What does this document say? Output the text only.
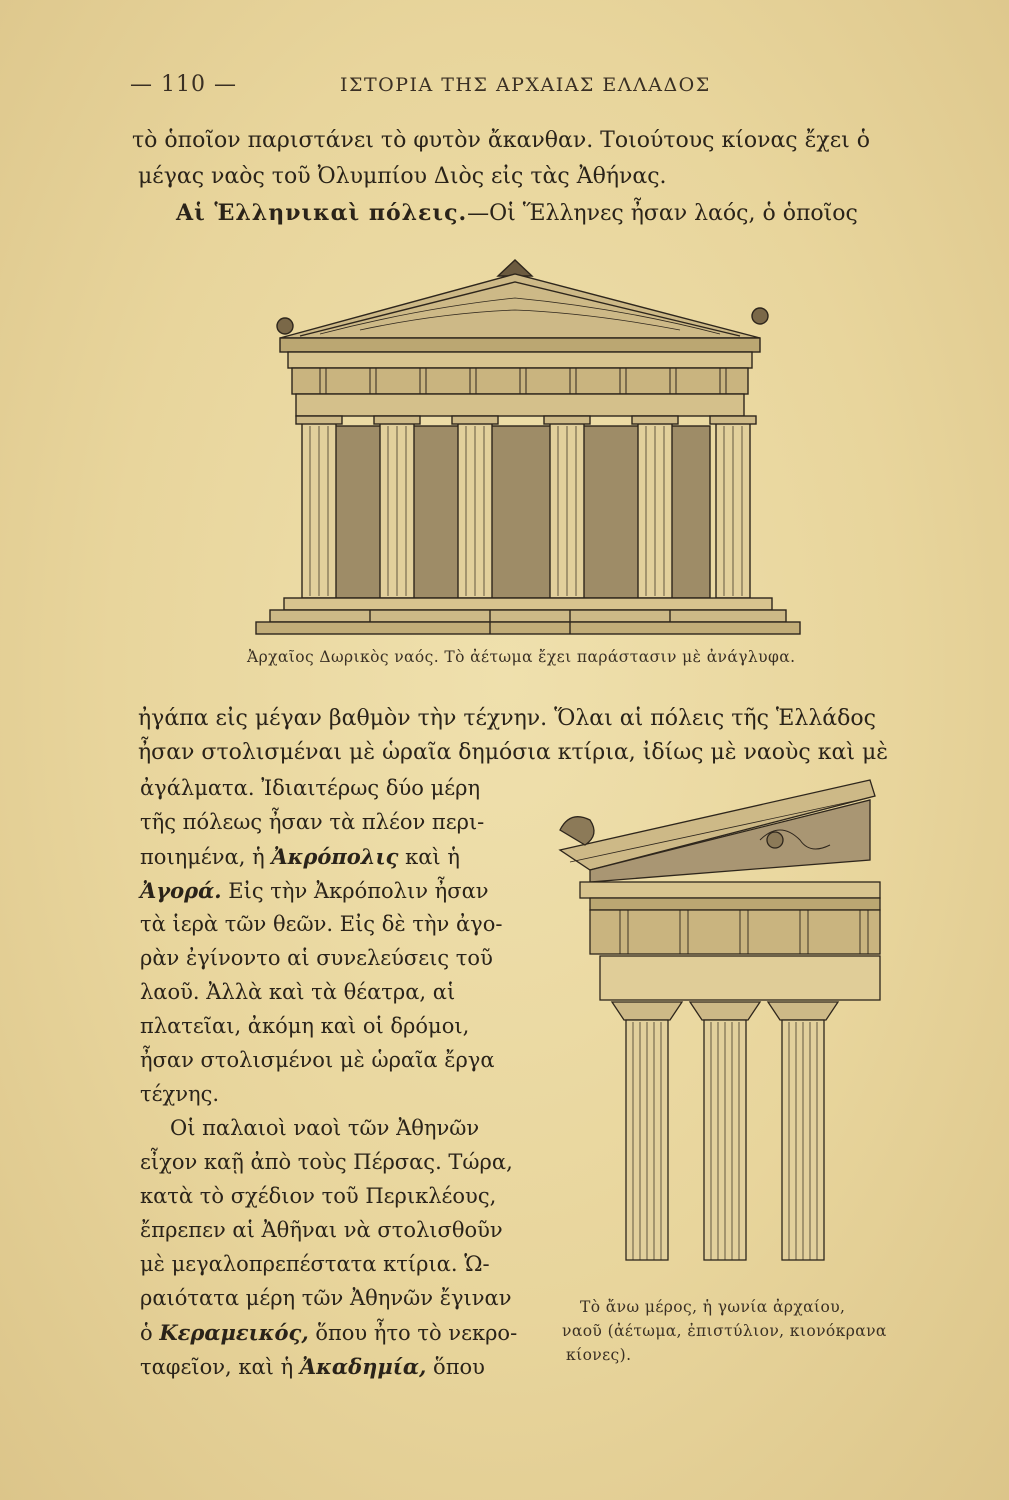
— 110 —	ΙΣΤΟΡΙΑ ΤΗΣ ΑΡΧΑΙΑΣ ΕΛΛΑΔΟΣ
τὸ ὁποῖον παριστάνει τὸ φυτὸν ἄκανθαν. Τοιούτους κίονας ἔχει ὁ
μέγας ναὸς τοῦ Ὀλυμπίου Διὸς εἰς τὰς Ἀθήνας.
Αἱ Ἑλληνικαὶ πόλεις.—Οἱ Ἕλληνες ἦσαν λαός, ὁ ὁποῖος
Ἀρχαῖος Δωρικὸς ναός. Τὸ ἀέτωμα ἔχει παράστασιν μὲ ἀνάγλυφα.
ἠγάπα εἰς μέγαν βαθμὸν τὴν τέχνην. Ὅλαι αἱ πόλεις τῆς Ἑλλάδος
ἦσαν στολισμέναι μὲ ὡραῖα δημόσια κτίρια, ἰδίως μὲ ναοὺς καὶ μὲ
ἀγάλματα. Ἰδιαιτέρως δύο μέρη
τῆς πόλεως ἦσαν τὰ πλέον περι-
ποιημένα, ἡ Ἀκρόπολις καὶ ἡ
Ἀγορά. Εἰς τὴν Ἀκρόπολιν ἦσαν
τὰ ἱερὰ τῶν θεῶν. Εἰς δὲ τὴν ἀγο-
ρὰν ἐγίνοντο αἱ συνελεύσεις τοῦ
λαοῦ. Ἀλλὰ καὶ τὰ θέατρα, αἱ
πλατεῖαι, ἀκόμη καὶ οἱ δρόμοι,
ἦσαν στολισμένοι μὲ ὡραῖα ἔργα
τέχνης.
Οἱ παλαιοὶ ναοὶ τῶν Ἀθηνῶν
εἶχον καῇ ἀπὸ τοὺς Πέρσας. Τώρα,
κατὰ τὸ σχέδιον τοῦ Περικλέους,
ἔπρεπεν αἱ Ἀθῆναι νὰ στολισθοῦν
μὲ μεγαλοπρεπέστατα κτίρια. Ὡ-
ραιότατα μέρη τῶν Ἀθηνῶν ἔγιναν
ὁ Κεραμεικός, ὅπου ἦτο τὸ νεκρο-
ταφεῖον, καὶ ἡ Ἀκαδημία, ὅπου
Τὸ ἄνω μέρος, ἡ γωνία ἀρχαίου,
ναοῦ (ἀέτωμα, ἐπιστύλιον, κιονόκρανα
κίονες).
